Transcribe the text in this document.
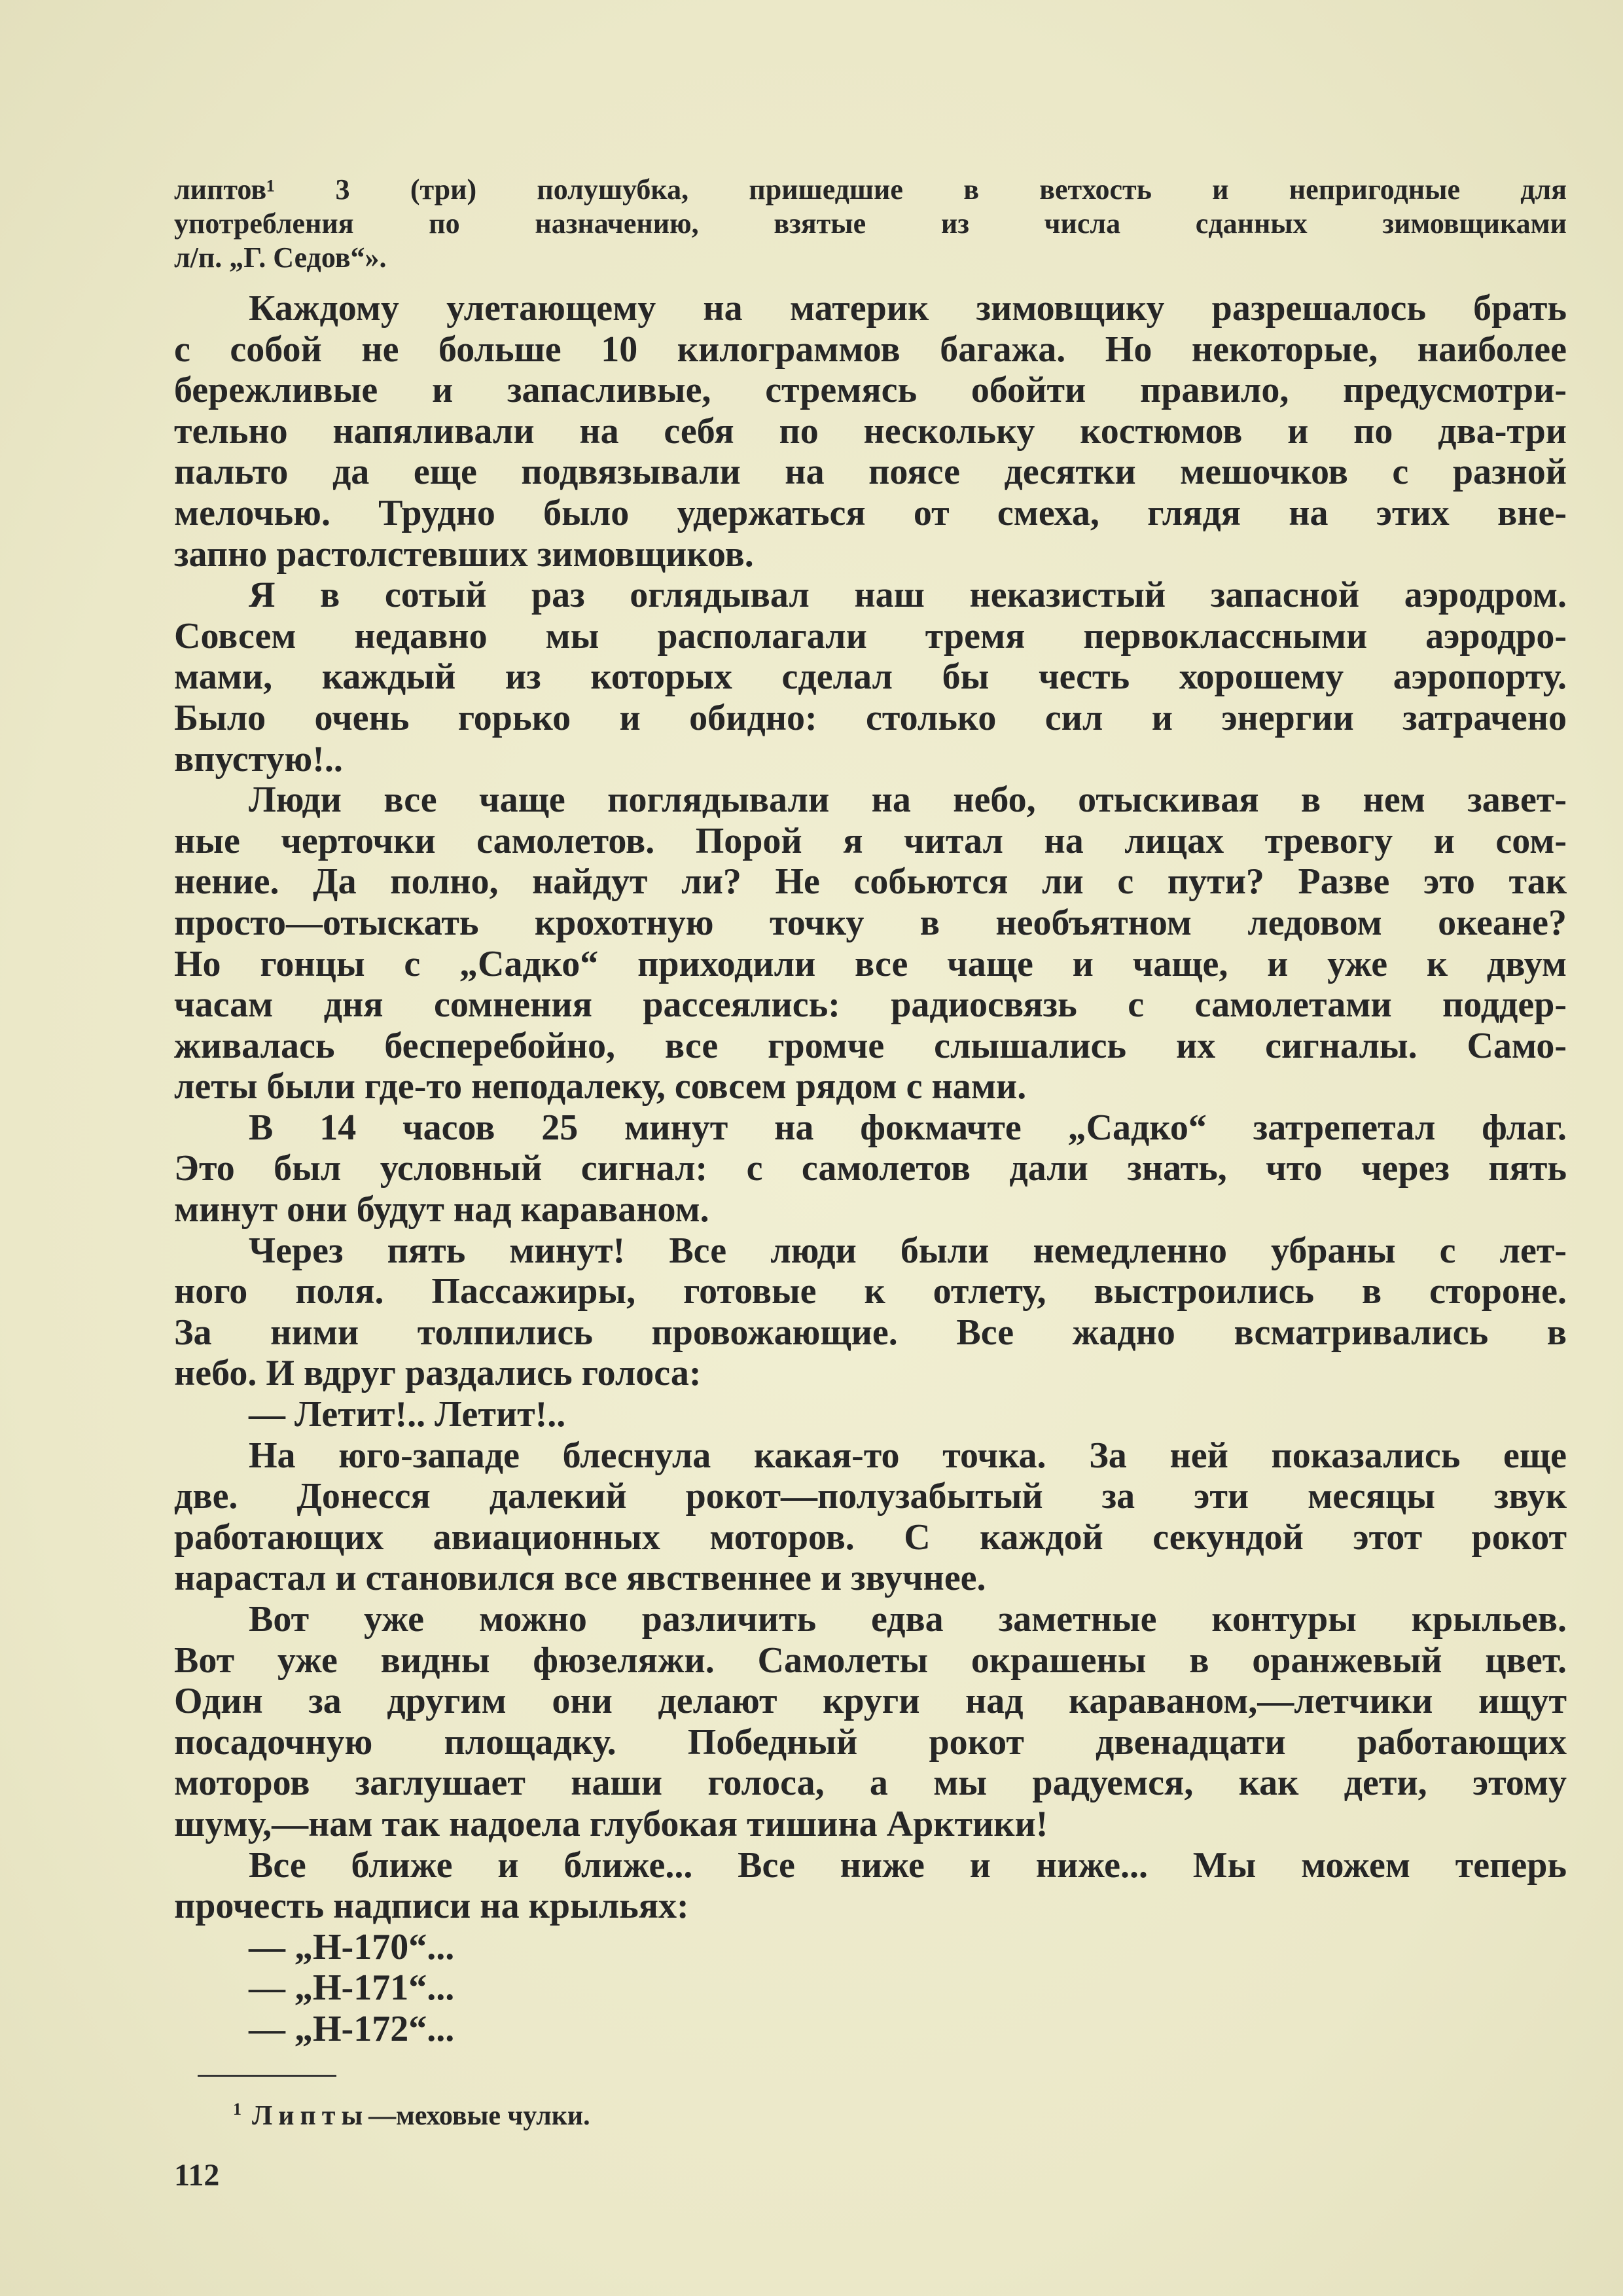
липтов¹ 3 (три) полушубка, пришедшие в ветхость и непригодные для
употребления по назначению, взятые из числа сданных зимовщиками
л/п. „Г. Седов“».
Каждому улетающему на материк зимовщику разрешалось брать
с собой не больше 10 килограммов багажа. Но некоторые, наиболее
бережливые и запасливые, стремясь обойти правило, предусмотри-
тельно напяливали на себя по нескольку костюмов и по два-три
пальто да еще подвязывали на поясе десятки мешочков с разной
мелочью. Трудно было удержаться от смеха, глядя на этих вне-
запно растолстевших зимовщиков.
Я в сотый раз оглядывал наш неказистый запасной аэродром.
Совсем недавно мы располагали тремя первоклассными аэродро-
мами, каждый из которых сделал бы честь хорошему аэропорту.
Было очень горько и обидно: столько сил и энергии затрачено
впустую!..
Люди все чаще поглядывали на небо, отыскивая в нем завет-
ные черточки самолетов. Порой я читал на лицах тревогу и сом-
нение. Да полно, найдут ли? Не собьются ли с пути? Разве это так
просто—отыскать крохотную точку в необъятном ледовом океане?
Но гонцы с „Садко“ приходили все чаще и чаще, и уже к двум
часам дня сомнения рассеялись: радиосвязь с самолетами поддер-
живалась бесперебойно, все громче слышались их сигналы. Само-
леты были где-то неподалеку, совсем рядом с нами.
В 14 часов 25 минут на фокмачте „Садко“ затрепетал флаг.
Это был условный сигнал: с самолетов дали знать, что через пять
минут они будут над караваном.
Через пять минут! Все люди были немедленно убраны с лет-
ного поля. Пассажиры, готовые к отлету, выстроились в стороне.
За ними толпились провожающие. Все жадно всматривались в
небо. И вдруг раздались голоса:
— Летит!.. Летит!..
На юго-западе блеснула какая-то точка. За ней показались еще
две. Донесся далекий рокот—полузабытый за эти месяцы звук
работающих авиационных моторов. С каждой секундой этот рокот
нарастал и становился все явственнее и звучнее.
Вот уже можно различить едва заметные контуры крыльев.
Вот уже видны фюзеляжи. Самолеты окрашены в оранжевый цвет.
Один за другим они делают круги над караваном,—летчики ищут
посадочную площадку. Победный рокот двенадцати работающих
моторов заглушает наши голоса, а мы радуемся, как дети, этому
шуму,—нам так надоела глубокая тишина Арктики!
Все ближе и ближе... Все ниже и ниже... Мы можем теперь
прочесть надписи на крыльях:
— „Н-170“...
— „Н-171“...
— „Н-172“...
$^1$ Липты—меховые чулки.
112
